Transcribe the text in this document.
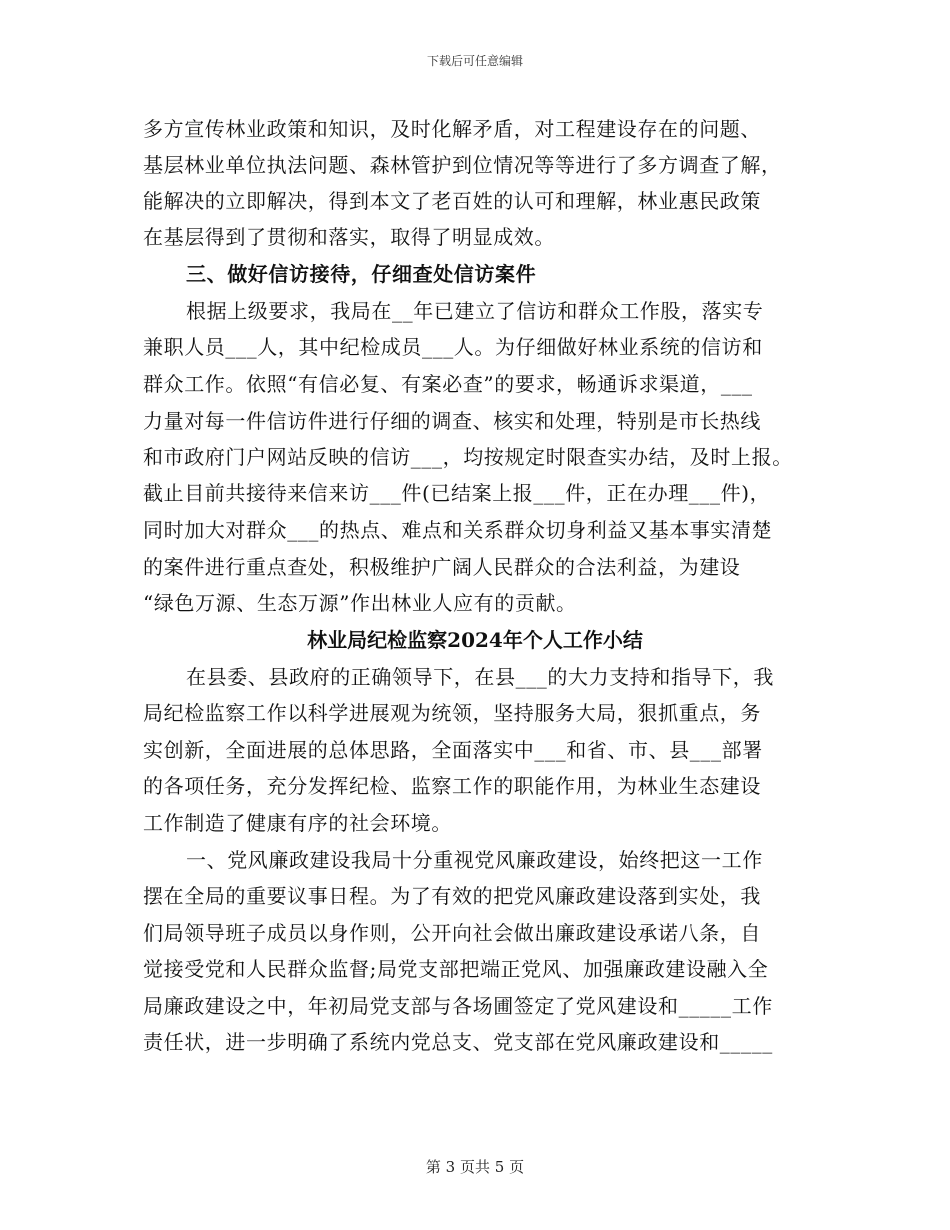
下载后可任意编辑
多方宣传林业政策和知识，及时化解矛盾，对工程建设存在的问题、
基层林业单位执法问题、森林管护到位情况等等进行了多方调查了解，
能解决的立即解决，得到本文了老百姓的认可和理解，林业惠民政策
在基层得到了贯彻和落实，取得了明显成效。
三、做好信访接待，仔细查处信访案件
根据上级要求，我局在__年已建立了信访和群众工作股，落实专
兼职人员___人，其中纪检成员___人。为仔细做好林业系统的信访和
群众工作。依照“有信必复、有案必查”的要求，畅通诉求渠道，___
力量对每一件信访件进行仔细的调查、核实和处理，特别是市长热线
和市政府门户网站反映的信访___，均按规定时限查实办结，及时上报。
截止目前共接待来信来访___件(已结案上报___件，正在办理___件)，
同时加大对群众___的热点、难点和关系群众切身利益又基本事实清楚
的案件进行重点查处，积极维护广阔人民群众的合法利益，为建设
“绿色万源、生态万源”作出林业人应有的贡献。
林业局纪检监察2024年个人工作小结
在县委、县政府的正确领导下，在县___的大力支持和指导下，我
局纪检监察工作以科学进展观为统领，坚持服务大局，狠抓重点，务
实创新，全面进展的总体思路，全面落实中___和省、市、县___部署
的各项任务，充分发挥纪检、监察工作的职能作用，为林业生态建设
工作制造了健康有序的社会环境。
一、党风廉政建设我局十分重视党风廉政建设，始终把这一工作
摆在全局的重要议事日程。为了有效的把党风廉政建设落到实处，我
们局领导班子成员以身作则，公开向社会做出廉政建设承诺八条，自
觉接受党和人民群众监督;局党支部把端正党风、加强廉政建设融入全
局廉政建设之中，年初局党支部与各场圃签定了党风建设和_____工作
责任状，进一步明确了系统内党总支、党支部在党风廉政建设和_____
第 3 页共 5 页
